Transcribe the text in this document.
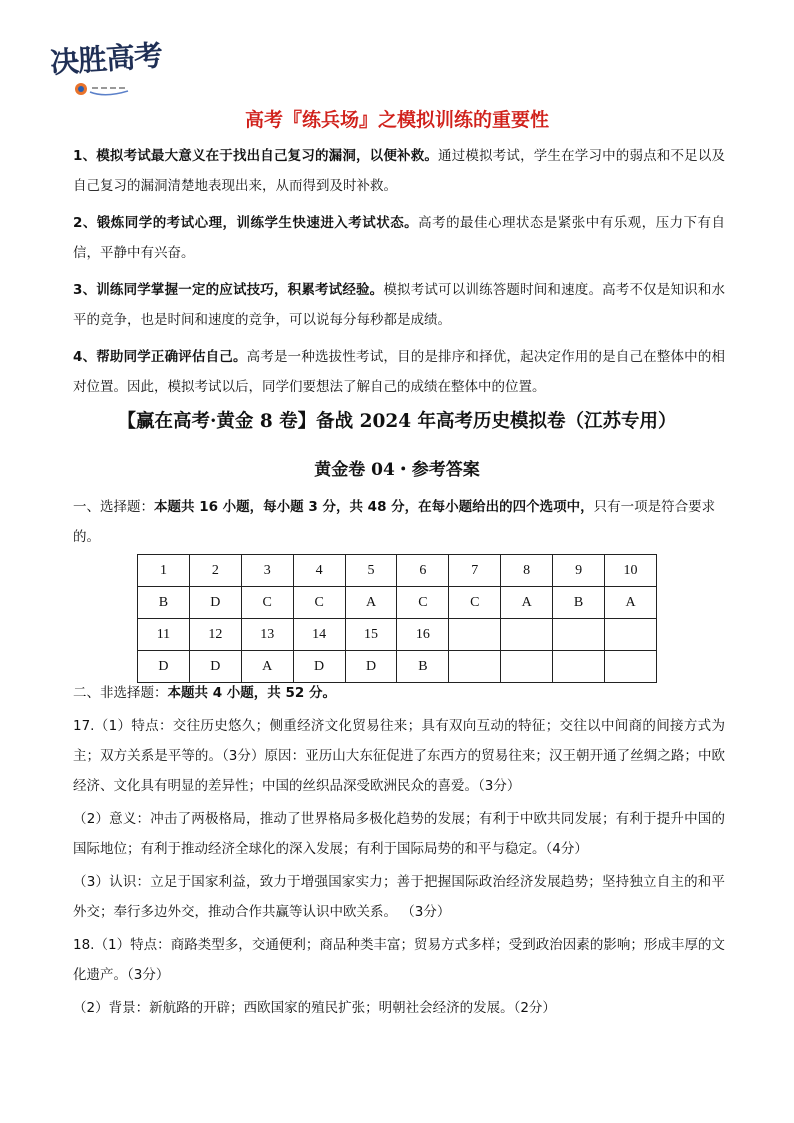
决胜高考
高考『练兵场』之模拟训练的重要性

1、模拟考试最大意义在于找出自己复习的漏洞，以便补救。通过模拟考试，学生在学习中的弱点和不足以及自己复习的漏洞清楚地表现出来，从而得到及时补救。

2、锻炼同学的考试心理，训练学生快速进入考试状态。高考的最佳心理状态是紧张中有乐观，压力下有自信，平静中有兴奋。

3、训练同学掌握一定的应试技巧，积累考试经验。模拟考试可以训练答题时间和速度。高考不仅是知识和水平的竞争，也是时间和速度的竞争，可以说每分每秒都是成绩。

4、帮助同学正确评估自己。高考是一种选拔性考试，目的是排序和择优，起决定作用的是自己在整体中的相对位置。因此，模拟考试以后，同学们要想法了解自己的成绩在整体中的位置。

【赢在高考·黄金 8 卷】备战 2024 年高考历史模拟卷（江苏专用）
黄金卷 04・参考答案
一、选择题：本题共 16 小题，每小题 3 分，共 48 分，在每小题给出的四个选项中，只有一项是符合要求的。
1	2	3	4	5	6	7	8	9	10
B	D	C	C	A	C	C	A	B	A
11	12	13	14	15	16				
D	D	A	D	D	B				
二、非选择题：本题共 4 小题，共 52 分。

17.（1）特点：交往历史悠久；侧重经济文化贸易往来；具有双向互动的特征；交往以中间商的间接方式为主；双方关系是平等的。（3分）原因：亚历山大东征促进了东西方的贸易往来；汉王朝开通了丝绸之路；中欧经济、文化具有明显的差异性；中国的丝织品深受欧洲民众的喜爱。（3分）

（2）意义：冲击了两极格局，推动了世界格局多极化趋势的发展；有利于中欧共同发展；有利于提升中国的国际地位；有利于推动经济全球化的深入发展；有利于国际局势的和平与稳定。（4分）

（3）认识：立足于国家利益，致力于增强国家实力；善于把握国际政治经济发展趋势；坚持独立自主的和平外交；奉行多边外交，推动合作共赢等认识中欧关系。 （3分）

18.（1）特点：商路类型多，交通便利；商品种类丰富；贸易方式多样；受到政治因素的影响；形成丰厚的文化遗产。（3分）

（2）背景：新航路的开辟；西欧国家的殖民扩张；明朝社会经济的发展。（2分）
